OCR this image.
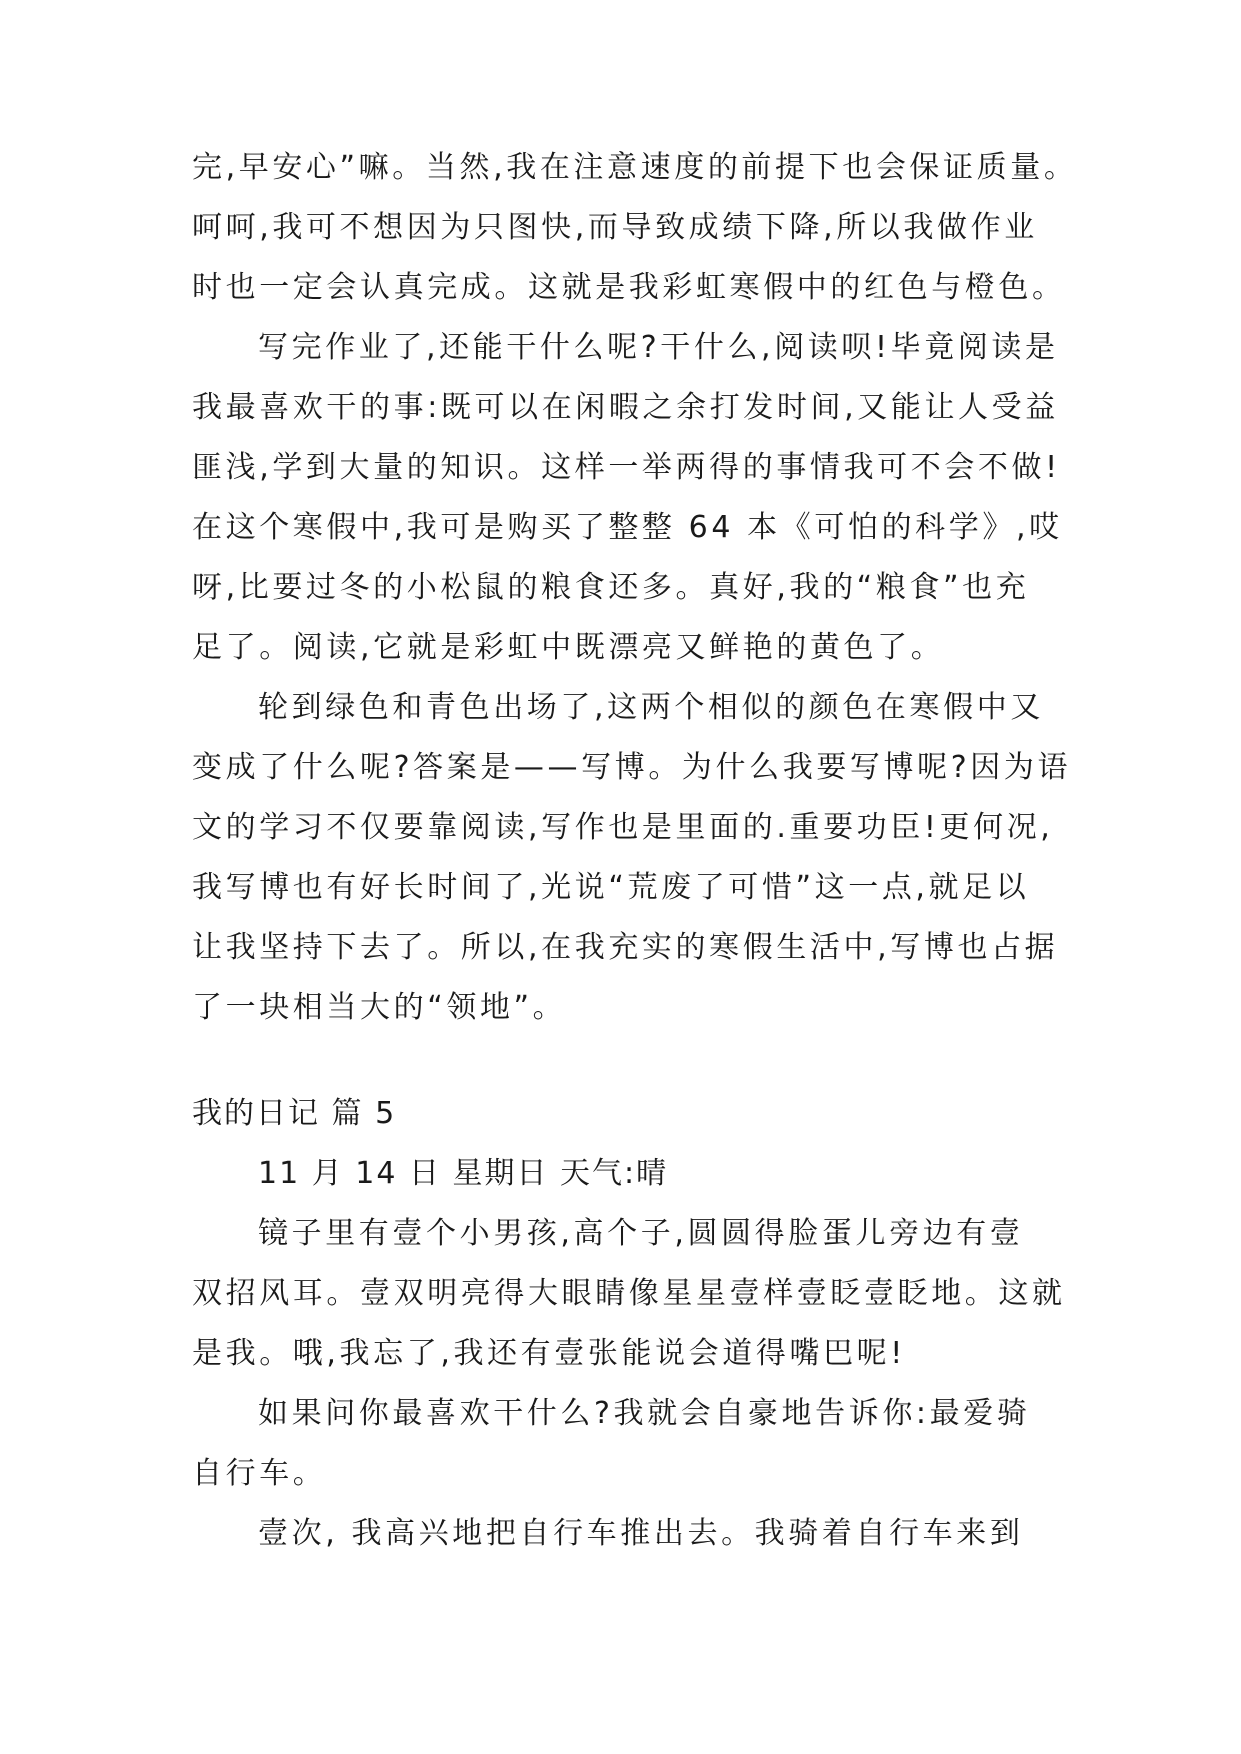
完,早安心”嘛。当然,我在注意速度的前提下也会保证质量。
呵呵,我可不想因为只图快,而导致成绩下降,所以我做作业
时也一定会认真完成。这就是我彩虹寒假中的红色与橙色。
写完作业了,还能干什么呢?干什么,阅读呗!毕竟阅读是
我最喜欢干的事:既可以在闲暇之余打发时间,又能让人受益
匪浅,学到大量的知识。这样一举两得的事情我可不会不做!
在这个寒假中,我可是购买了整整 64 本《可怕的科学》,哎
呀,比要过冬的小松鼠的粮食还多。真好,我的“粮食”也充
足了。阅读,它就是彩虹中既漂亮又鲜艳的黄色了。
轮到绿色和青色出场了,这两个相似的颜色在寒假中又
变成了什么呢?答案是——写博。为什么我要写博呢?因为语
文的学习不仅要靠阅读,写作也是里面的.重要功臣!更何况,
我写博也有好长时间了,光说“荒废了可惜”这一点,就足以
让我坚持下去了。所以,在我充实的寒假生活中,写博也占据
了一块相当大的“领地”。
我的日记 篇 5
11 月 14 日 星期日 天气:晴
镜子里有壹个小男孩,高个子,圆圆得脸蛋儿旁边有壹
双招风耳。壹双明亮得大眼睛像星星壹样壹眨壹眨地。这就
是我。哦,我忘了,我还有壹张能说会道得嘴巴呢!
如果问你最喜欢干什么?我就会自豪地告诉你:最爱骑
自行车。
壹次, 我高兴地把自行车推出去。我骑着自行车来到
